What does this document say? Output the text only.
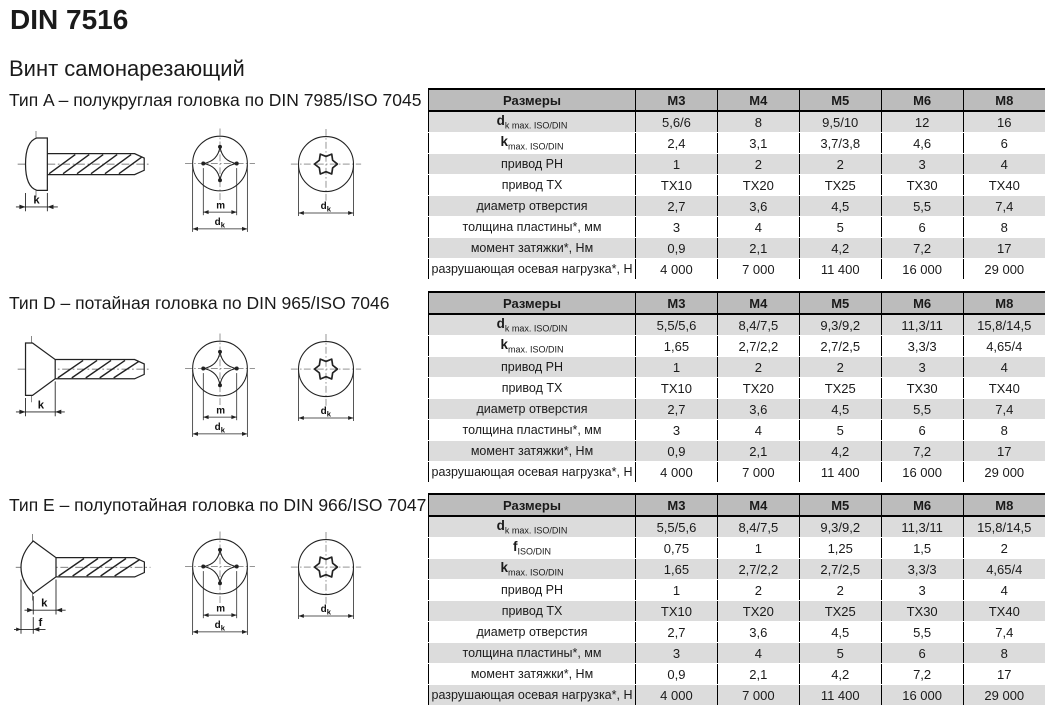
DIN 7516
Винт самонарезающий
Тип A – полукруглая головка по DIN 7985/ISO 7045
k	m
$d_k$
$d_k$
Размеры	M3	M4	M5	M6	M8
$d_{k max. ISO/DIN}$	5,6/6	8	9,5/10	12	16
$k_{max. ISO/DIN}$	2,4	3,1	3,7/3,8	4,6	6
привод PH	1	2	2	3	4
привод TX	TX10	TX20	TX25	TX30	TX40
диаметр отверстия	2,7	3,6	4,5	5,5	7,4
толщина пластины*, мм	3	4	5	6	8
момент затяжки*, Нм	0,9	2,1	4,2	7,2	17
разрушающая осевая нагрузка*, Н	4 000	7 000	11 400	16 000	29 000
Тип D – потайная головка по DIN 965/ISO 7046
k	m
$d_k$
$d_k$
Размеры	M3	M4	M5	M6	M8
$d_{k max. ISO/DIN}$	5,5/5,6	8,4/7,5	9,3/9,2	11,3/11	15,8/14,5
$k_{max. ISO/DIN}$	1,65	2,7/2,2	2,7/2,5	3,3/3	4,65/4
привод PH	1	2	2	3	4
привод TX	TX10	TX20	TX25	TX30	TX40
диаметр отверстия	2,7	3,6	4,5	5,5	7,4
толщина пластины*, мм	3	4	5	6	8
момент затяжки*, Нм	0,9	2,1	4,2	7,2	17
разрушающая осевая нагрузка*, Н	4 000	7 000	11 400	16 000	29 000
Тип E – полупотайная головка по DIN 966/ISO 7047
k
f
m
$d_k$
$d_k$
Размеры	M3	M4	M5	M6	M8
$d_{k max. ISO/DIN}$	5,5/5,6	8,4/7,5	9,3/9,2	11,3/11	15,8/14,5
$f_{ISO/DIN}$	0,75	1	1,25	1,5	2
$k_{max. ISO/DIN}$	1,65	2,7/2,2	2,7/2,5	3,3/3	4,65/4
привод PH	1	2	2	3	4
привод TX	TX10	TX20	TX25	TX30	TX40
диаметр отверстия	2,7	3,6	4,5	5,5	7,4
толщина пластины*, мм	3	4	5	6	8
момент затяжки*, Нм	0,9	2,1	4,2	7,2	17
разрушающая осевая нагрузка*, Н	4 000	7 000	11 400	16 000	29 000
